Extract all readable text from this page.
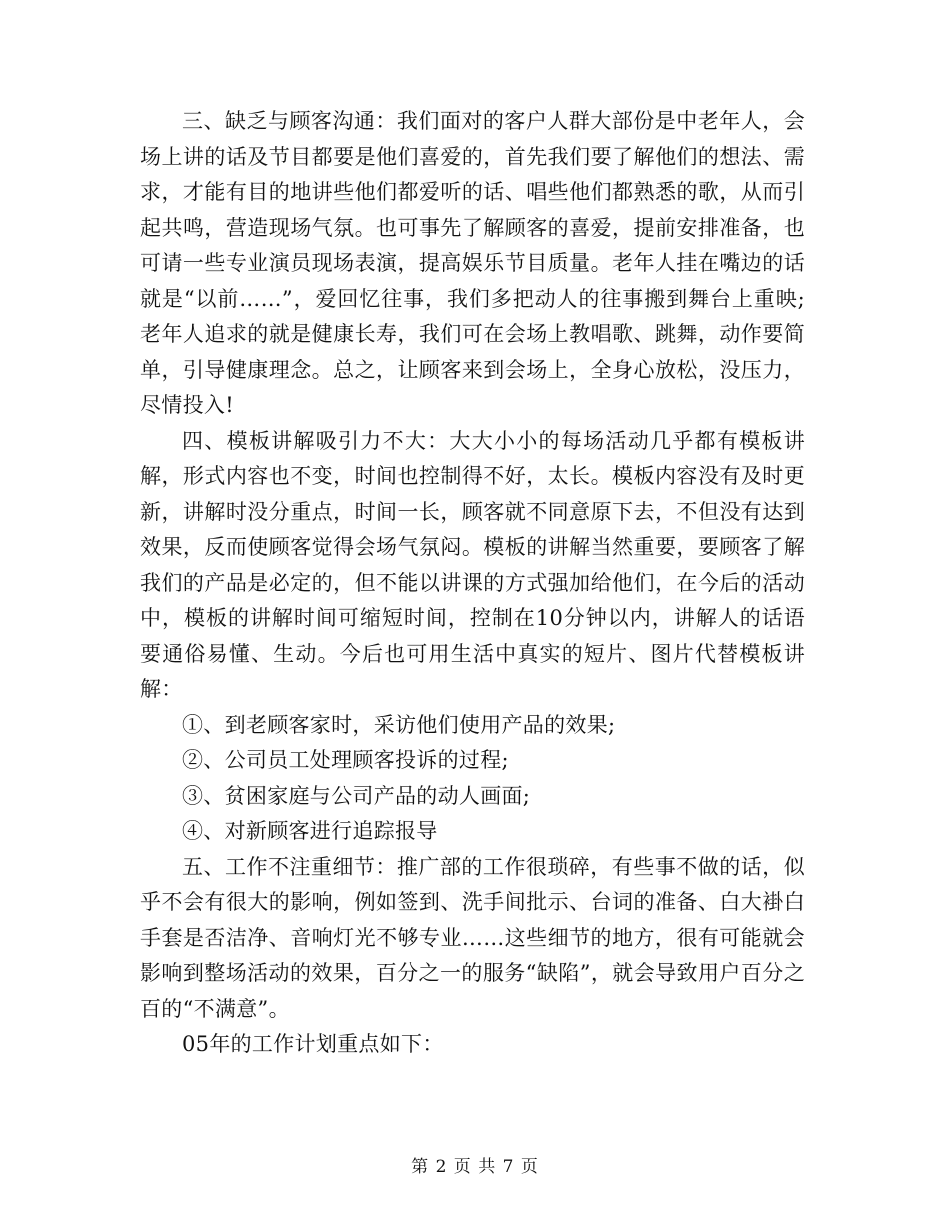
三、缺乏与顾客沟通：我们面对的客户人群大部份是中老年人，会场上讲的话及节目都要是他们喜爱的，首先我们要了解他们的想法、需求，才能有目的地讲些他们都爱听的话、唱些他们都熟悉的歌，从而引起共鸣，营造现场气氛。也可事先了解顾客的喜爱，提前安排准备，也可请一些专业演员现场表演，提高娱乐节目质量。老年人挂在嘴边的话就是“以前……”，爱回忆往事，我们多把动人的往事搬到舞台上重映;老年人追求的就是健康长寿，我们可在会场上教唱歌、跳舞，动作要简单，引导健康理念。总之，让顾客来到会场上，全身心放松，没压力，尽情投入!

四、模板讲解吸引力不大：大大小小的每场活动几乎都有模板讲解，形式内容也不变，时间也控制得不好，太长。模板内容没有及时更新，讲解时没分重点，时间一长，顾客就不同意原下去，不但没有达到效果，反而使顾客觉得会场气氛闷。模板的讲解当然重要，要顾客了解我们的产品是必定的，但不能以讲课的方式强加给他们，在今后的活动中，模板的讲解时间可缩短时间，控制在10分钟以内，讲解人的话语要通俗易懂、生动。今后也可用生活中真实的短片、图片代替模板讲解：

①、到老顾客家时，采访他们使用产品的效果;

②、公司员工处理顾客投诉的过程;

③、贫困家庭与公司产品的动人画面;

④、对新顾客进行追踪报导

五、工作不注重细节：推广部的工作很琐碎，有些事不做的话，似乎不会有很大的影响，例如签到、洗手间批示、台词的准备、白大褂白手套是否洁净、音响灯光不够专业……这些细节的地方，很有可能就会影响到整场活动的效果，百分之一的服务“缺陷”，就会导致用户百分之百的“不满意”。

05年的工作计划重点如下：

第 2 页 共 7 页
